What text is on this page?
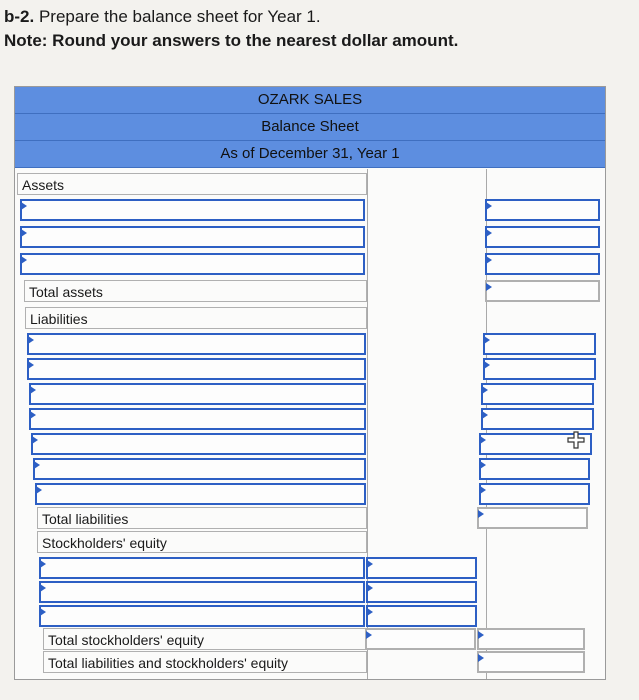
b-2. Prepare the balance sheet for Year 1.
Note: Round your answers to the nearest dollar amount.
OZARK SALES
Balance Sheet
As of December 31, Year 1
Assets
Total assets
Liabilities
Total liabilities
Stockholders' equity
Total stockholders' equity
Total liabilities and stockholders' equity
